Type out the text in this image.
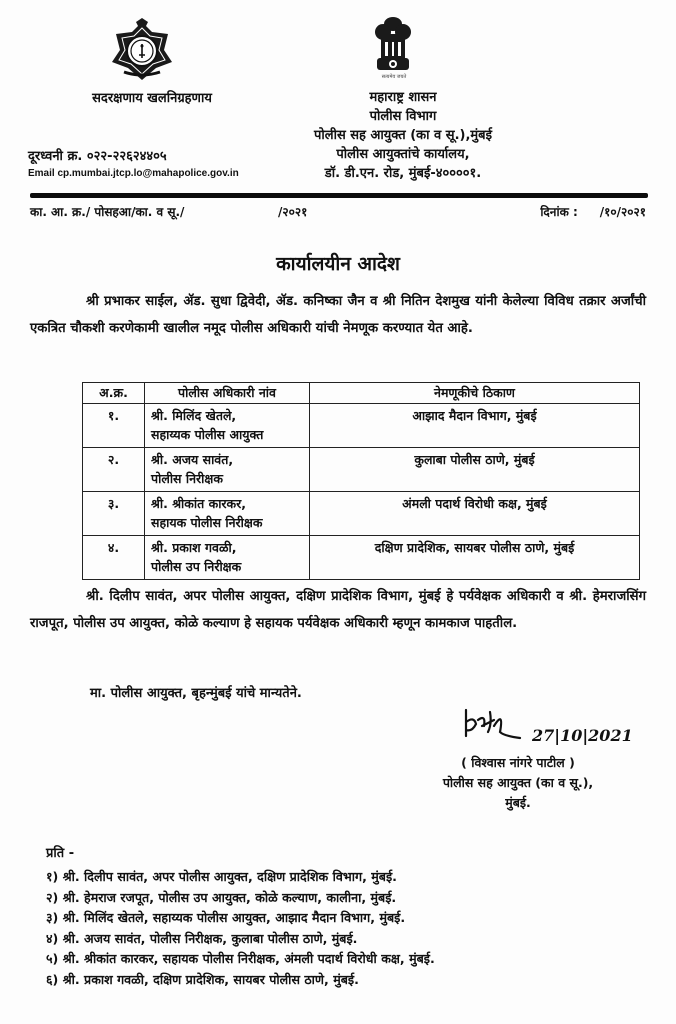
सदरक्षणाय खलनिग्रहणाय
सत्यमेव जयते
महाराष्ट्र शासन
पोलीस विभाग
पोलीस सह आयुक्त (का व सू.),मुंबई
पोलीस आयुक्तांचे कार्यालय,
डॉ. डी.एन. रोड, मुंबई-४००००१.
दूरध्वनी क्र. ०२२-२२६२४४०५
Email cp.mumbai.jtcp.lo@mahapolice.gov.in
का. आ. क्र./ पोसहआ/का. व सू./	/२०२१	दिनांक : /१०/२०२१
कार्यालयीन आदेश

श्री प्रभाकर साईल, ॲड. सुधा द्विवेदी, ॲड. कनिष्का जैन व श्री नितिन देशमुख यांनी केलेल्या विविध तक्रार अर्जांची एकत्रित चौकशी करणेकामी खालील नमूद पोलीस अधिकारी यांची नेमणूक करण्यात येत आहे.

अ.क्र.	पोलीस अधिकारी नांव	नेमणूकीचे ठिकाण
१.	श्री. मिलिंद खेतले,
सहाय्यक पोलीस आयुक्त	आझाद मैदान विभाग, मुंबई
२.	श्री. अजय सावंत,
पोलीस निरीक्षक	कुलाबा पोलीस ठाणे, मुंबई
३.	श्री. श्रीकांत कारकर,
सहायक पोलीस निरीक्षक	अंमली पदार्थ विरोधी कक्ष, मुंबई
४.	श्री. प्रकाश गवळी,
पोलीस उप निरीक्षक	दक्षिण प्रादेशिक, सायबर पोलीस ठाणे, मुंबई

श्री. दिलीप सावंत, अपर पोलीस आयुक्त, दक्षिण प्रादेशिक विभाग, मुंबई हे पर्यवेक्षक अधिकारी व श्री. हेमराजसिंग राजपूत, पोलीस उप आयुक्त, कोळे कल्याण हे सहायक पर्यवेक्षक अधिकारी म्हणून कामकाज पाहतील.

मा. पोलीस आयुक्त, बृहन्मुंबई यांचे मान्यतेने.
27|10|2021
( विश्वास नांगरे पाटील )
पोलीस सह आयुक्त (का व सू.),
मुंबई.
प्रति -
१) श्री. दिलीप सावंत, अपर पोलीस आयुक्त, दक्षिण प्रादेशिक विभाग, मुंबई.
२) श्री. हेमराज रजपूत, पोलीस उप आयुक्त, कोळे कल्याण, कालीना, मुंबई.
३) श्री. मिलिंद खेतले, सहाय्यक पोलीस आयुक्त, आझाद मैदान विभाग, मुंबई.
४) श्री. अजय सावंत, पोलीस निरीक्षक, कुलाबा पोलीस ठाणे, मुंबई.
५) श्री. श्रीकांत कारकर, सहायक पोलीस निरीक्षक, अंमली पदार्थ विरोधी कक्ष, मुंबई.
६) श्री. प्रकाश गवळी, दक्षिण प्रादेशिक, सायबर पोलीस ठाणे, मुंबई.
